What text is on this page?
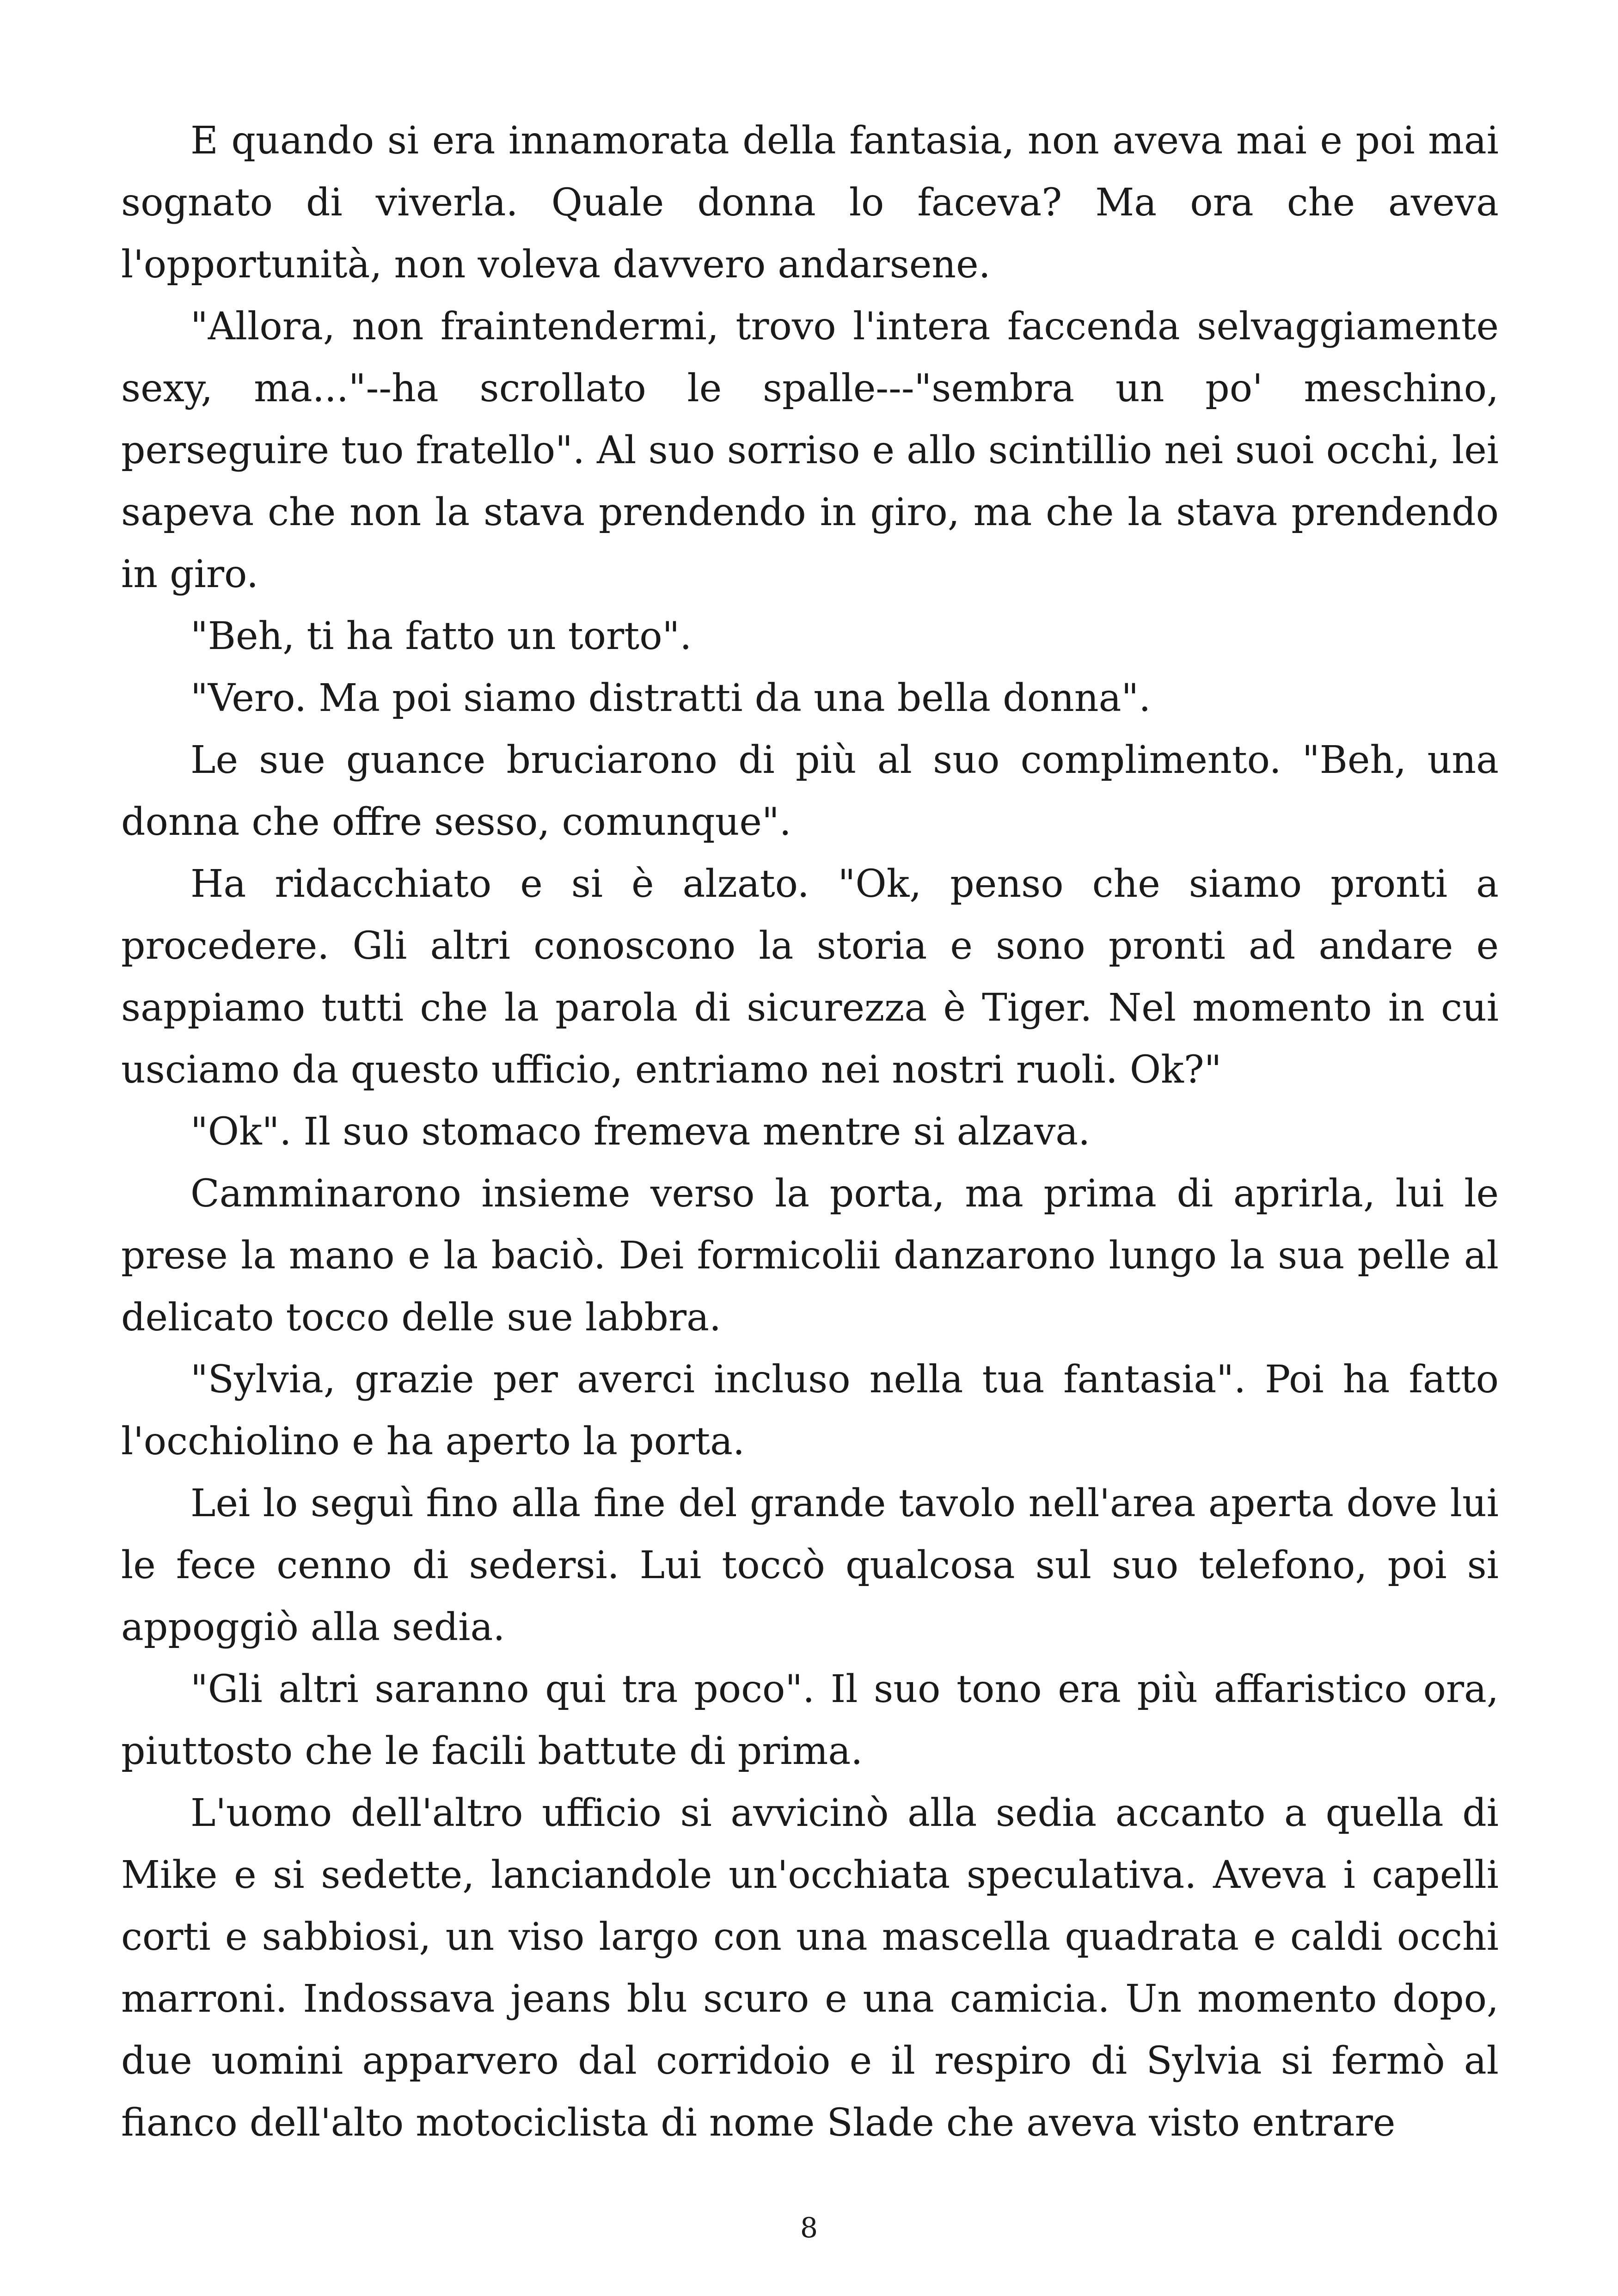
E quando si era innamorata della fantasia, non aveva mai e poi mai sognato di viverla. Quale donna lo faceva? Ma ora che aveva l'opportunità, non voleva davvero andarsene.

"Allora, non fraintendermi, trovo l'intera faccenda selvaggiamente sexy, ma..."--ha scrollato le spalle---"sembra un po' meschino, perseguire tuo fratello". Al suo sorriso e allo scintillio nei suoi occhi, lei sapeva che non la stava prendendo in giro, ma che la stava prendendo in giro.

"Beh, ti ha fatto un torto".

"Vero. Ma poi siamo distratti da una bella donna".

Le sue guance bruciarono di più al suo complimento. "Beh, una donna che offre sesso, comunque".

Ha ridacchiato e si è alzato. "Ok, penso che siamo pronti a procedere. Gli altri conoscono la storia e sono pronti ad andare e sappiamo tutti che la parola di sicurezza è Tiger. Nel momento in cui usciamo da questo ufficio, entriamo nei nostri ruoli. Ok?"

"Ok". Il suo stomaco fremeva mentre si alzava.

Camminarono insieme verso la porta, ma prima di aprirla, lui le prese la mano e la baciò. Dei formicolii danzarono lungo la sua pelle al delicato tocco delle sue labbra.

"Sylvia, grazie per averci incluso nella tua fantasia". Poi ha fatto l'occhiolino e ha aperto la porta.

Lei lo seguì fino alla fine del grande tavolo nell'area aperta dove lui le fece cenno di sedersi. Lui toccò qualcosa sul suo telefono, poi si appoggiò alla sedia.

"Gli altri saranno qui tra poco". Il suo tono era più affaristico ora, piuttosto che le facili battute di prima.

L'uomo dell'altro ufficio si avvicinò alla sedia accanto a quella di Mike e si sedette, lanciandole un'occhiata speculativa. Aveva i capelli corti e sabbiosi, un viso largo con una mascella quadrata e caldi occhi marroni. Indossava jeans blu scuro e una camicia. Un momento dopo, due uomini apparvero dal corridoio e il respiro di Sylvia si fermò al fianco dell'alto motociclista di nome Slade che aveva visto entrare

8
